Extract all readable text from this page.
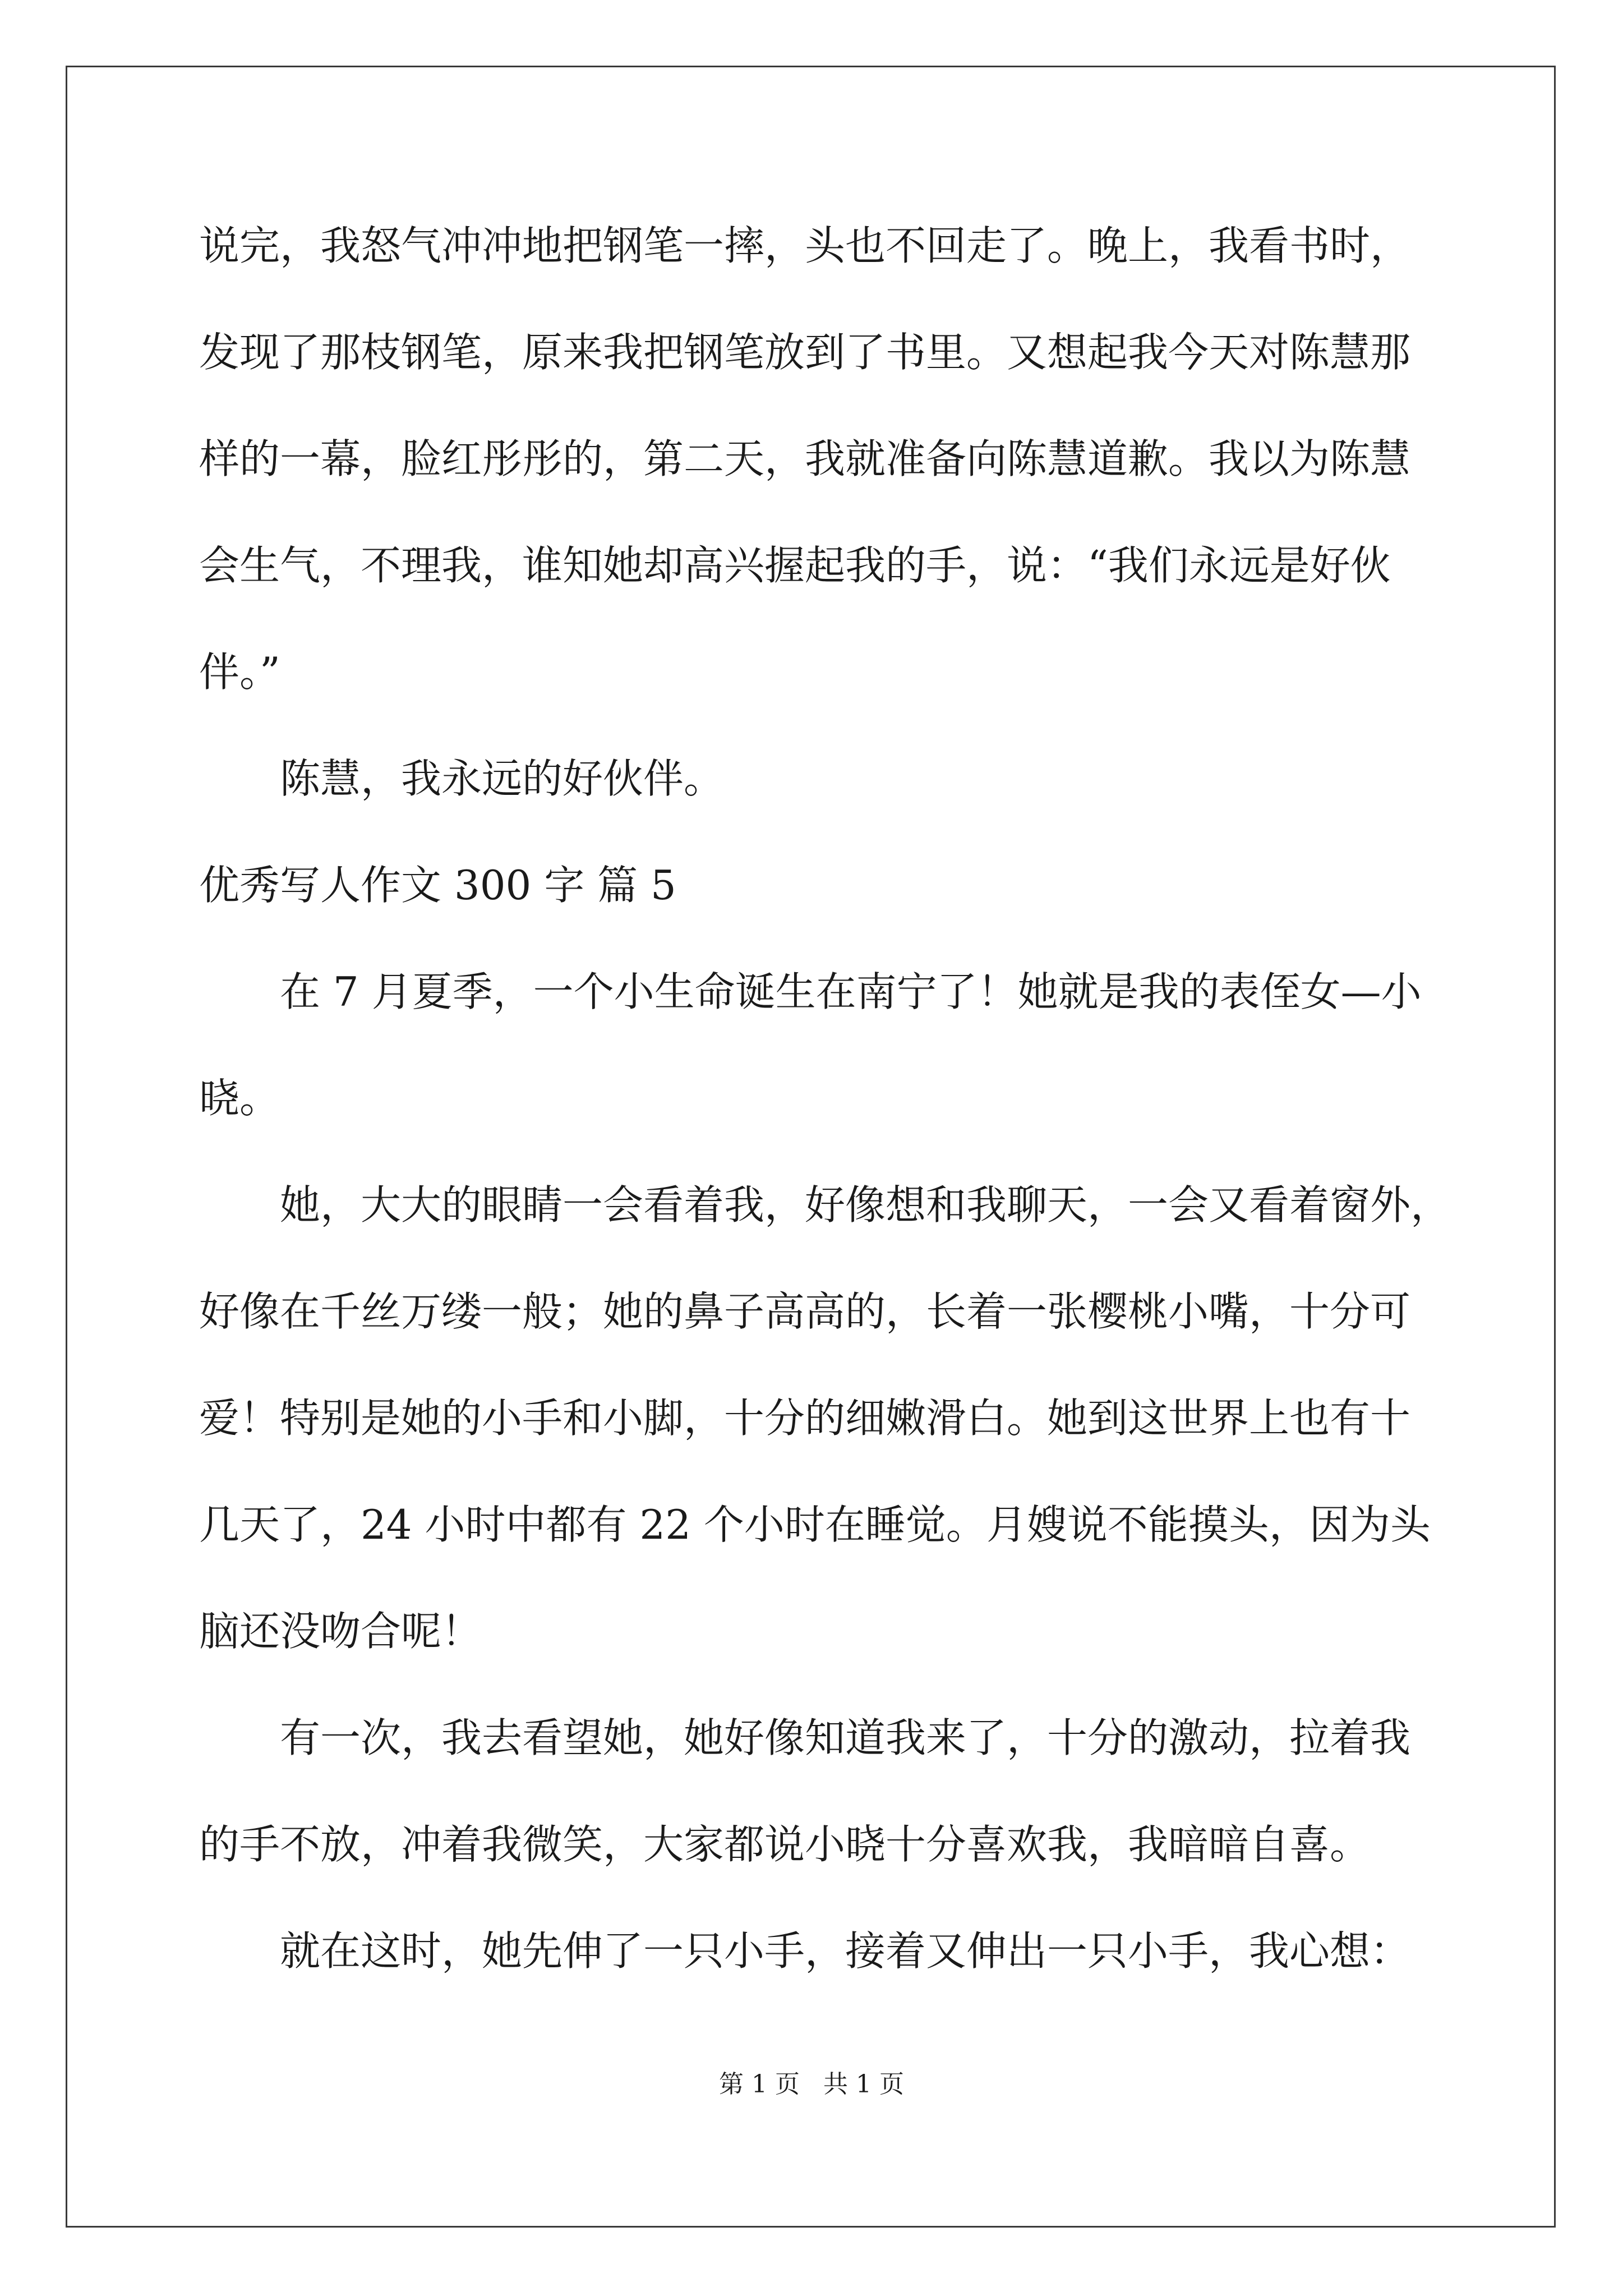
说完，我怒气冲冲地把钢笔一摔，头也不回走了。晚上，我看书时，
发现了那枝钢笔，原来我把钢笔放到了书里。又想起我今天对陈慧那
样的一幕，脸红彤彤的，第二天，我就准备向陈慧道歉。我以为陈慧
会生气，不理我，谁知她却高兴握起我的手，说：“我们永远是好伙
伴。”
陈慧，我永远的好伙伴。
优秀写人作文 300 字 篇 5
在 7 月夏季，一个小生命诞生在南宁了！她就是我的表侄女—小
晓。
她，大大的眼睛一会看着我，好像想和我聊天，一会又看着窗外，
好像在千丝万缕一般；她的鼻子高高的，长着一张樱桃小嘴，十分可
爱！特别是她的小手和小脚，十分的细嫩滑白。她到这世界上也有十
几天了，24 小时中都有 22 个小时在睡觉。月嫂说不能摸头，因为头
脑还没吻合呢！
有一次，我去看望她，她好像知道我来了，十分的激动，拉着我
的手不放，冲着我微笑，大家都说小晓十分喜欢我，我暗暗自喜。
就在这时，她先伸了一只小手，接着又伸出一只小手，我心想：
第 1 页   共 1 页
